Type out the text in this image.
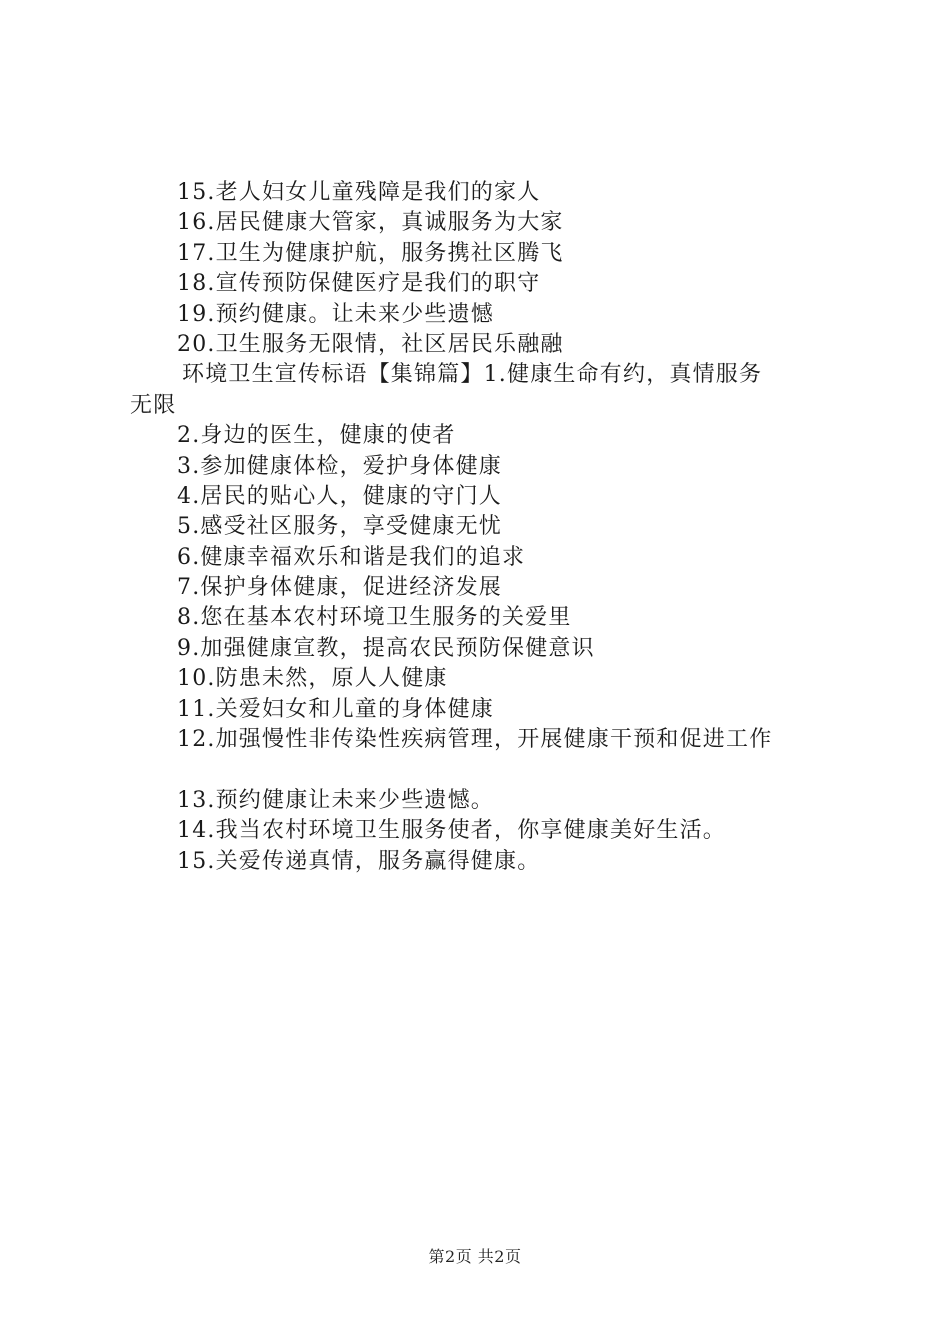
15.老人妇女儿童残障是我们的家人
16.居民健康大管家，真诚服务为大家
17.卫生为健康护航，服务携社区腾飞
18.宣传预防保健医疗是我们的职守
19.预约健康。让未来少些遗憾
20.卫生服务无限情，社区居民乐融融
环境卫生宣传标语【集锦篇】1.健康生命有约，真情服务
无限
2.身边的医生，健康的使者
3.参加健康体检，爱护身体健康
4.居民的贴心人，健康的守门人
5.感受社区服务，享受健康无忧
6.健康幸福欢乐和谐是我们的追求
7.保护身体健康，促进经济发展
8.您在基本农村环境卫生服务的关爱里
9.加强健康宣教，提高农民预防保健意识
10.防患未然，原人人健康
11.关爱妇女和儿童的身体健康
12.加强慢性非传染性疾病管理，开展健康干预和促进工作
13.预约健康让未来少些遗憾。
14.我当农村环境卫生服务使者，你享健康美好生活。
15.关爱传递真情，服务赢得健康。
第2页 共2页
